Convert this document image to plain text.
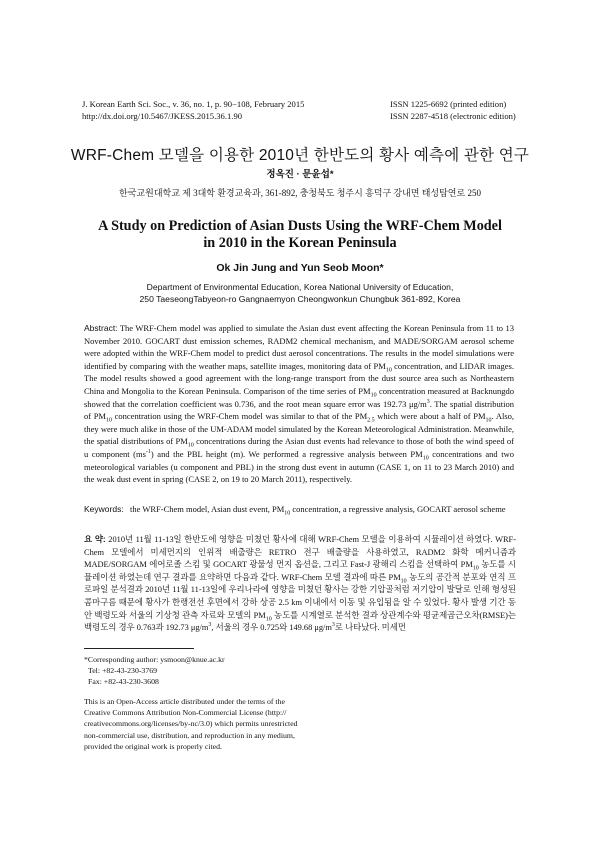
J. Korean Earth Sci. Soc., v. 36, no. 1, p. 90−108, February 2015
http://dx.doi.org/10.5467/JKESS.2015.36.1.90
ISSN 1225-6692 (printed edition)
ISSN 2287-4518 (electronic edition)
WRF-Chem 모델을 이용한 2010년 한반도의 황사 예측에 관한 연구
정옥진 · 문윤섭*
한국교원대학교 제 3대학 환경교육과, 361-892, 충청북도 청주시 흥덕구 강내면 태성탑연로 250
A Study on Prediction of Asian Dusts Using the WRF-Chem Model
in 2010 in the Korean Peninsula
Ok Jin Jung and Yun Seob Moon*
Department of Environmental Education, Korea National University of Education,
250 TaeseongTabyeon-ro Gangnaemyon Cheongwonkun Chungbuk 361-892, Korea
Abstract: The WRF-Chem model was applied to simulate the Asian dust event affecting the Korean Peninsula from 11 to 13 November 2010. GOCART dust emission schemes, RADM2 chemical mechanism, and MADE/SORGAM aerosol scheme were adopted within the WRF-Chem model to predict dust aerosol concentrations. The results in the model simulations were identified by comparing with the weather maps, satellite images, monitoring data of $PM_{10}$ concentration, and LIDAR images. The model results showed a good agreement with the long-range transport from the dust source area such as Northeastern China and Mongolia to the Korean Peninsula. Comparison of the time series of $PM_{10}$ concentration measured at Backnungdo showed that the correlation coefficient was 0.736, and the root mean square error was 192.73 $\mu g/m^3$. The spatial distribution of $PM_{10}$ concentration using the WRF-Chem model was similar to that of the $PM_{2.5}$ which were about a half of $PM_{10}$. Also, they were much alike in those of the UM-ADAM model simulated by the Korean Meteorological Administration. Meanwhile, the spatial distributions of $PM_{10}$ concentrations during the Asian dust events had relevance to those of both the wind speed of u component $(ms^{-1})$ and the PBL height (m). We performed a regressive analysis between $PM_{10}$ concentrations and two meteorological variables (u component and PBL) in the strong dust event in autumn (CASE 1, on 11 to 23 March 2010) and the weak dust event in spring (CASE 2, on 19 to 20 March 2011), respectively.
Keywords: the WRF-Chem model, Asian dust event, $PM_{10}$ concentration, a regressive analysis, GOCART aerosol scheme
요 약: 2010년 11월 11-13일 한반도에 영향을 미쳤던 황사에 대해 WRF-Chem 모델을 이용하여 시뮬레이션 하였다. WRF-Chem 모델에서 미세먼지의 인위적 배출량은 RETRO 전구 배출량을 사용하였고, RADM2 화학 메커니즘과 MADE/SORGAM 에어로졸 스킴 및 GOCART 광물성 먼지 옵션을, 그리고 Fast-J 광해리 스킴을 선택하여 $PM_{10}$ 농도를 시뮬레이션 하였는데 연구 결과를 요약하면 다음과 같다. WRF-Chem 모델 결과에 따른 $PM_{10}$ 농도의 공간적 분포와 연직 프로파일 분석결과 2010년 11월 11-13일에 우리나라에 영향을 미쳤던 황사는 강한 기압골처럼 저기압이 발달로 인해 형성된 콤마구름 때문에 황사가 한랭전선 후면에서 강하 상공 2.5 km 이내에서 이동 및 유입됨을 알 수 있었다. 황사 발생 기간 동안 백령도와 서울의 기상청 관측 자료와 모델의 $PM_{10}$ 농도를 시계열로 분석한 결과 상관계수와 평균제곱근오차(RMSE)는 백령도의 경우 0.763과 192.73 $\mu g/m^3$, 서울의 경우 0.725와 149.68 $\mu g/m^3$로 나타났다. 미세먼
*Corresponding author: ysmoon@knue.ac.kr
Tel: +82-43-230-3769
Fax: +82-43-230-3608
This is an Open-Access article distributed under the terms of the
Creative Commons Attribution Non-Commercial License (http://
creativecommons.org/licenses/by-nc/3.0) which permits unrestricted
non-commercial use, distribution, and reproduction in any medium,
provided the original work is properly cited.
